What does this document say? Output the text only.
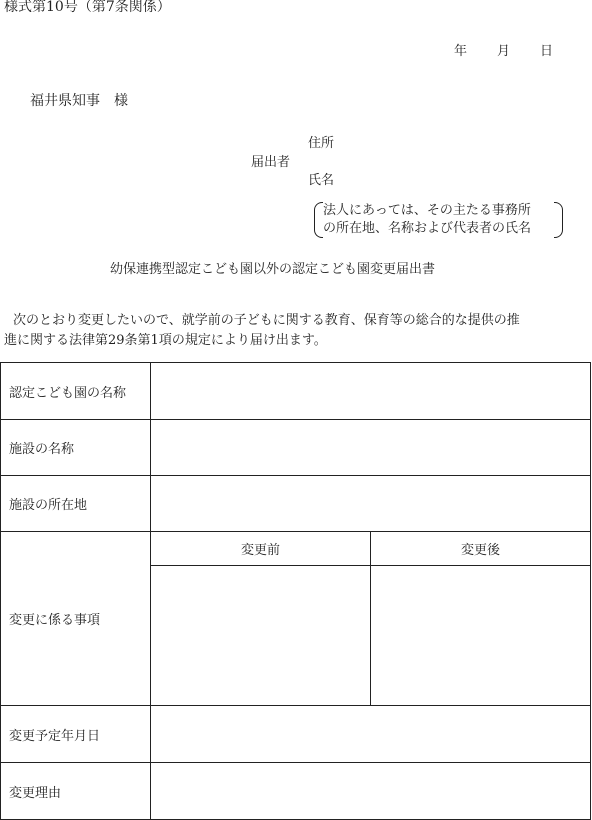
様式第10号（第7条関係）
年 月 日
福井県知事　様
住所
届出者
氏名
法人にあっては、その主たる事務所
の所在地、名称および代表者の氏名
幼保連携型認定こども園以外の認定こども園変更届出書
次のとおり変更したいので、就学前の子どもに関する教育、保育等の総合的な提供の推
進に関する法律第29条第1項の規定により届け出ます。
認定こども園の名称		
施設の名称		
施設の所在地		
変更に係る事項	変更前	変更後

変更予定年月日		
変更理由		
